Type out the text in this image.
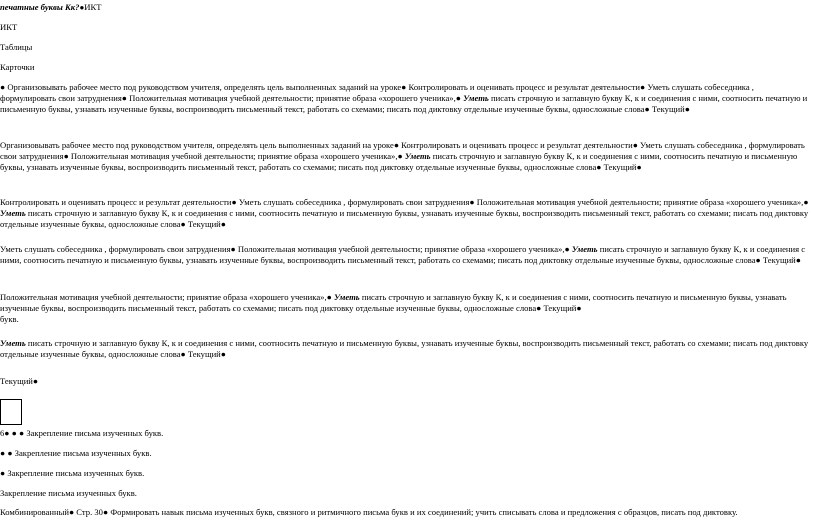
печатные буквы Кк?●ИКТ

ИКТ

Таблицы

Карточки

● Организовывать рабочее место под руководством учителя, определять цель выполненных заданий на уроке● Контролировать и оценивать процесс и результат деятельности● Уметь слушать собеседника , формулировать свои затруднения● Положительная мотивация учебной деятельности; принятие образа «хорошего ученика»,● Уметь писать строчную и заглавную букву К, к и соединения с ними, соотносить печатную и письменную буквы, узнавать изученные буквы, воспроизводить письменный текст, работать со схемами; писать под диктовку отдельные изученные буквы, односложные слова● Текущий●

Организовывать рабочее место под руководством учителя, определять цель выполненных заданий на уроке● Контролировать и оценивать процесс и результат деятельности● Уметь слушать собеседника , формулировать свои затруднения● Положительная мотивация учебной деятельности; принятие образа «хорошего ученика»,● Уметь писать строчную и заглавную букву К, к и соединения с ними, соотносить печатную и письменную буквы, узнавать изученные буквы, воспроизводить письменный текст, работать со схемами; писать под диктовку отдельные изученные буквы, односложные слова● Текущий●

Контролировать и оценивать процесс и результат деятельности● Уметь слушать собеседника , формулировать свои затруднения● Положительная мотивация учебной деятельности; принятие образа «хорошего ученика»,● Уметь писать строчную и заглавную букву К, к и соединения с ними, соотносить печатную и письменную буквы, узнавать изученные буквы, воспроизводить письменный текст, работать со схемами; писать под диктовку отдельные изученные буквы, односложные слова● Текущий●

Уметь слушать собеседника , формулировать свои затруднения● Положительная мотивация учебной деятельности; принятие образа «хорошего ученика»,● Уметь писать строчную и заглавную букву К, к и соединения с ними, соотносить печатную и письменную буквы, узнавать изученные буквы, воспроизводить письменный текст, работать со схемами; писать под диктовку отдельные изученные буквы, односложные слова● Текущий●

Положительная мотивация учебной деятельности; принятие образа «хорошего ученика»,● Уметь писать строчную и заглавную букву К, к и соединения с ними, соотносить печатную и письменную буквы, узнавать изученные буквы, воспроизводить письменный текст, работать со схемами; писать под диктовку отдельные изученные буквы, односложные слова● Текущий●
букв.

Уметь писать строчную и заглавную букву К, к и соединения с ними, соотносить печатную и письменную буквы, узнавать изученные буквы, воспроизводить письменный текст, работать со схемами; писать под диктовку отдельные изученные буквы, односложные слова● Текущий●

Текущий●

6● ● ● Закрепление письма изученных букв.

● ● Закрепление письма изученных букв.

● Закрепление письма изученных букв.

Закрепление письма изученных букв.

Комбинированный● Стр. 30● Формировать навык письма изученных букв, связного и ритмичного письма букв и их соединений; учить списывать слова и предложения с образцов, писать под диктовку.
